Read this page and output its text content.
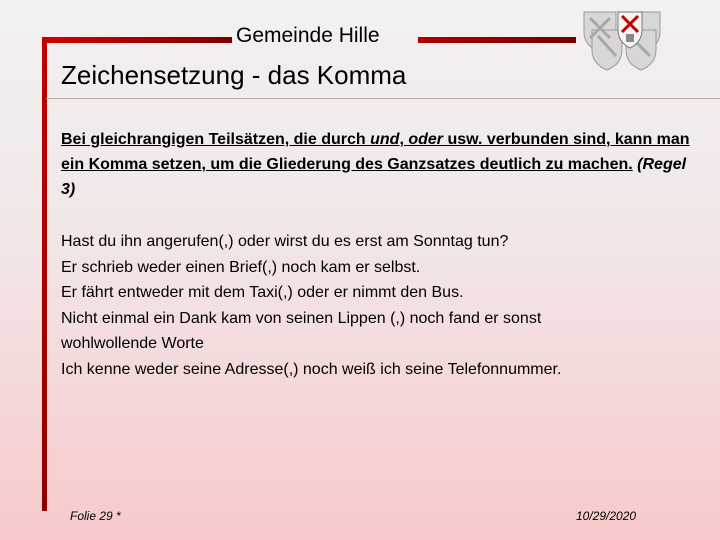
Gemeinde Hille
Zeichensetzung - das Komma
Bei gleichrangigen Teilsätzen, die durch und, oder usw. verbunden sind, kann man ein Komma setzen, um die Gliederung des Ganzsatzes deutlich zu machen. (Regel 3)
Hast du ihn angerufen(,) oder wirst du es erst am Sonntag tun?
Er schrieb weder einen Brief(,) noch kam er selbst.
Er fährt entweder mit dem Taxi(,) oder er nimmt den Bus.
Nicht einmal ein Dank kam von seinen Lippen (,) noch fand er sonst
wohlwollende Worte
Ich kenne weder seine Adresse(,) noch weiß ich seine Telefonnummer.
Folie 29 *	10/29/2020
